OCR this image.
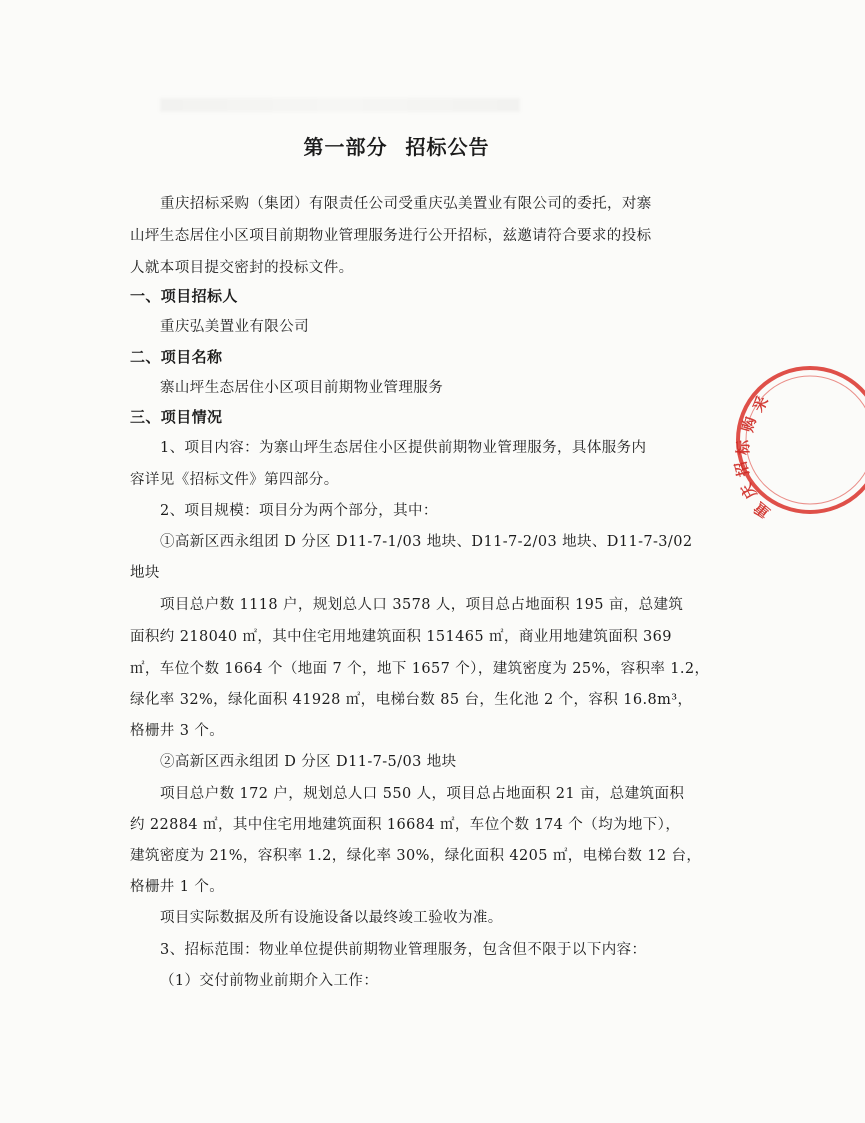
第一部分 招标公告
重庆招标采购（集团）有限责任公司受重庆弘美置业有限公司的委托，对寨
山坪生态居住小区项目前期物业管理服务进行公开招标，兹邀请符合要求的投标
人就本项目提交密封的投标文件。
一、项目招标人
重庆弘美置业有限公司
二、项目名称
寨山坪生态居住小区项目前期物业管理服务
三、项目情况
1、项目内容：为寨山坪生态居住小区提供前期物业管理服务，具体服务内
容详见《招标文件》第四部分。
2、项目规模：项目分为两个部分，其中：
①高新区西永组团 D 分区 D11-7-1/03 地块、D11-7-2/03 地块、D11-7-3/02
地块
项目总户数 1118 户，规划总人口 3578 人，项目总占地面积 195 亩，总建筑
面积约 218040 ㎡，其中住宅用地建筑面积 151465 ㎡，商业用地建筑面积 369
㎡，车位个数 1664 个（地面 7 个，地下 1657 个），建筑密度为 25%，容积率 1.2，
绿化率 32%，绿化面积 41928 ㎡，电梯台数 85 台，生化池 2 个，容积 16.8m³，
格栅井 3 个。
②高新区西永组团 D 分区 D11-7-5/03 地块
项目总户数 172 户，规划总人口 550 人，项目总占地面积 21 亩，总建筑面积
约 22884 ㎡，其中住宅用地建筑面积 16684 ㎡，车位个数 174 个（均为地下），
建筑密度为 21%，容积率 1.2，绿化率 30%，绿化面积 4205 ㎡，电梯台数 12 台，
格栅井 1 个。
项目实际数据及所有设施设备以最终竣工验收为准。
3、招标范围：物业单位提供前期物业管理服务，包含但不限于以下内容：
（1）交付前物业前期介入工作：
采
购
标
招
庆
重
